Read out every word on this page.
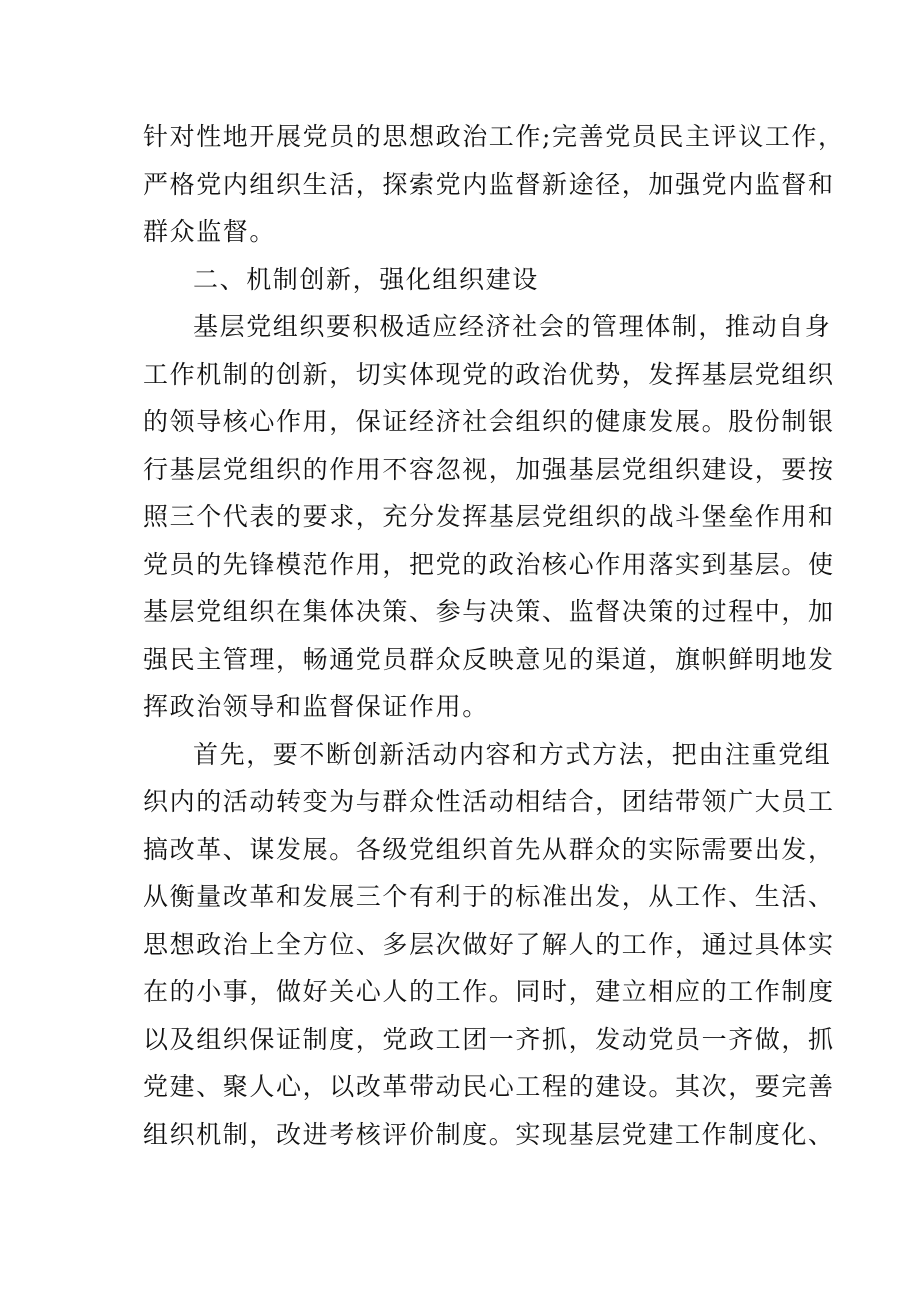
针对性地开展党员的思想政治工作;完善党员民主评议工作，
严格党内组织生活，探索党内监督新途径，加强党内监督和
群众监督。
二、机制创新，强化组织建设
基层党组织要积极适应经济社会的管理体制，推动自身
工作机制的创新，切实体现党的政治优势，发挥基层党组织
的领导核心作用，保证经济社会组织的健康发展。股份制银
行基层党组织的作用不容忽视，加强基层党组织建设，要按
照三个代表的要求，充分发挥基层党组织的战斗堡垒作用和
党员的先锋模范作用，把党的政治核心作用落实到基层。使
基层党组织在集体决策、参与决策、监督决策的过程中，加
强民主管理，畅通党员群众反映意见的渠道，旗帜鲜明地发
挥政治领导和监督保证作用。
首先，要不断创新活动内容和方式方法，把由注重党组
织内的活动转变为与群众性活动相结合，团结带领广大员工
搞改革、谋发展。各级党组织首先从群众的实际需要出发，
从衡量改革和发展三个有利于的标准出发，从工作、生活、
思想政治上全方位、多层次做好了解人的工作，通过具体实
在的小事，做好关心人的工作。同时，建立相应的工作制度
以及组织保证制度，党政工团一齐抓，发动党员一齐做，抓
党建、聚人心，以改革带动民心工程的建设。其次，要完善
组织机制，改进考核评价制度。实现基层党建工作制度化、
